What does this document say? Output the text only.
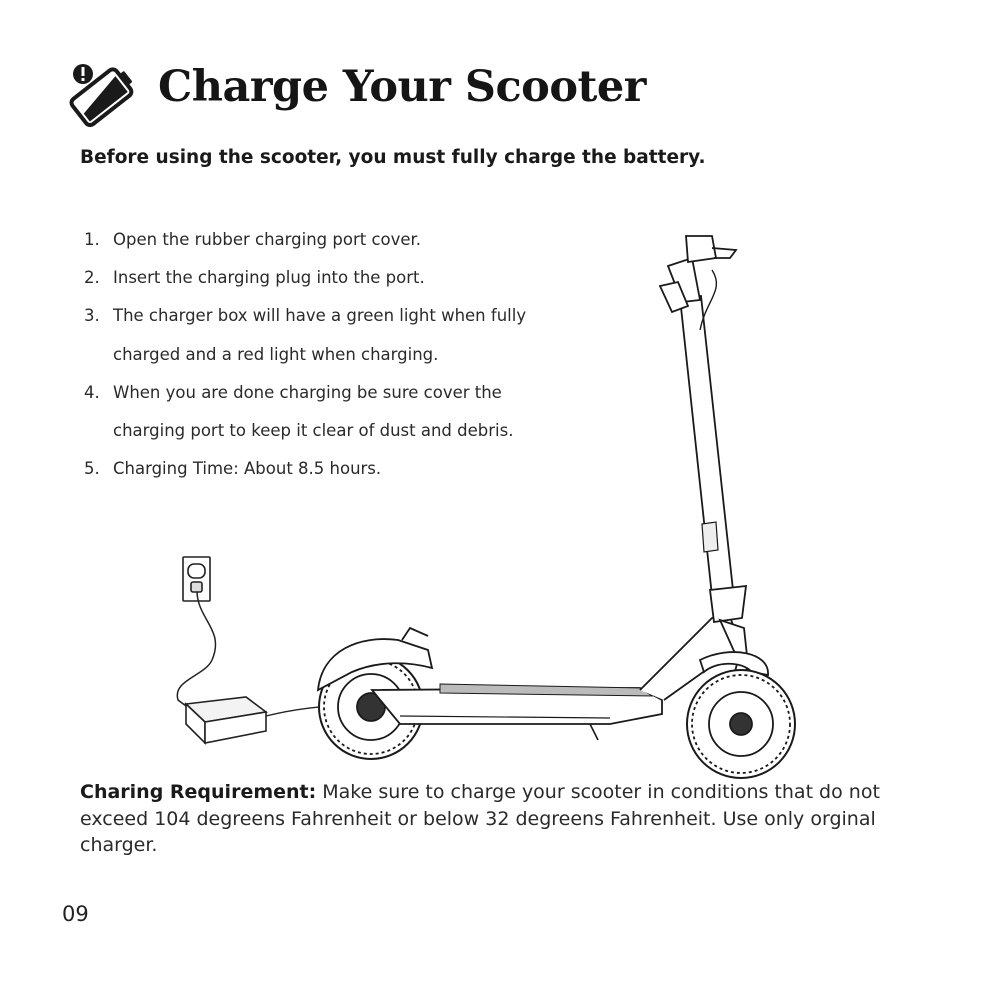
Charge Your Scooter

Before using the scooter, you must fully charge the battery.

1. Open the rubber charging port cover.
2. Insert the charging plug into the port.
3. The charger box will have a green light when fully
charged and a red light when charging.
4. When you are done charging be sure cover the
charging port to keep it clear of dust and debris.
5. Charging Time: About 8.5 hours.

Charing Requirement: Make sure to charge your scooter in conditions that do not exceed 104 degreens Fahrenheit or below 32 degreens Fahrenheit. Use only orginal charger.

09
